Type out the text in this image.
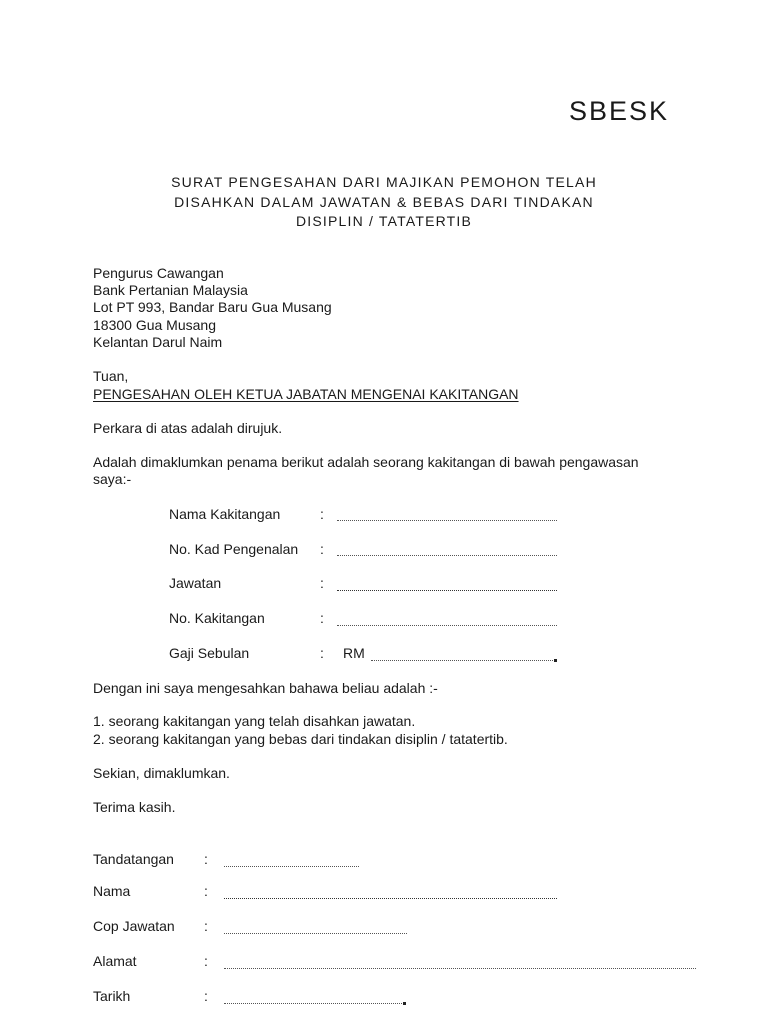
SBESK
SURAT PENGESAHAN DARI MAJIKAN PEMOHON TELAH
DISAHKAN DALAM JAWATAN & BEBAS DARI TINDAKAN
DISIPLIN / TATATERTIB
Pengurus Cawangan
Bank Pertanian Malaysia
Lot PT 993, Bandar Baru Gua Musang
18300 Gua Musang
Kelantan Darul Naim
Tuan,
PENGESAHAN OLEH KETUA JABATAN MENGENAI KAKITANGAN
Perkara di atas adalah dirujuk.
Adalah dimaklumkan penama berikut adalah seorang kakitangan di bawah pengawasan saya:-
Nama Kakitangan	:
No. Kad Pengenalan :
Jawatan	:
No. Kakitangan	:
Gaji Sebulan	: RM
Dengan ini saya mengesahkan bahawa beliau adalah :-
1. seorang kakitangan yang telah disahkan jawatan.
2. seorang kakitangan yang bebas dari tindakan disiplin / tatatertib.
Sekian, dimaklumkan.
Terima kasih.
Tandatangan :
Nama	:
Cop Jawatan :
Alamat	:
Tarikh	:
